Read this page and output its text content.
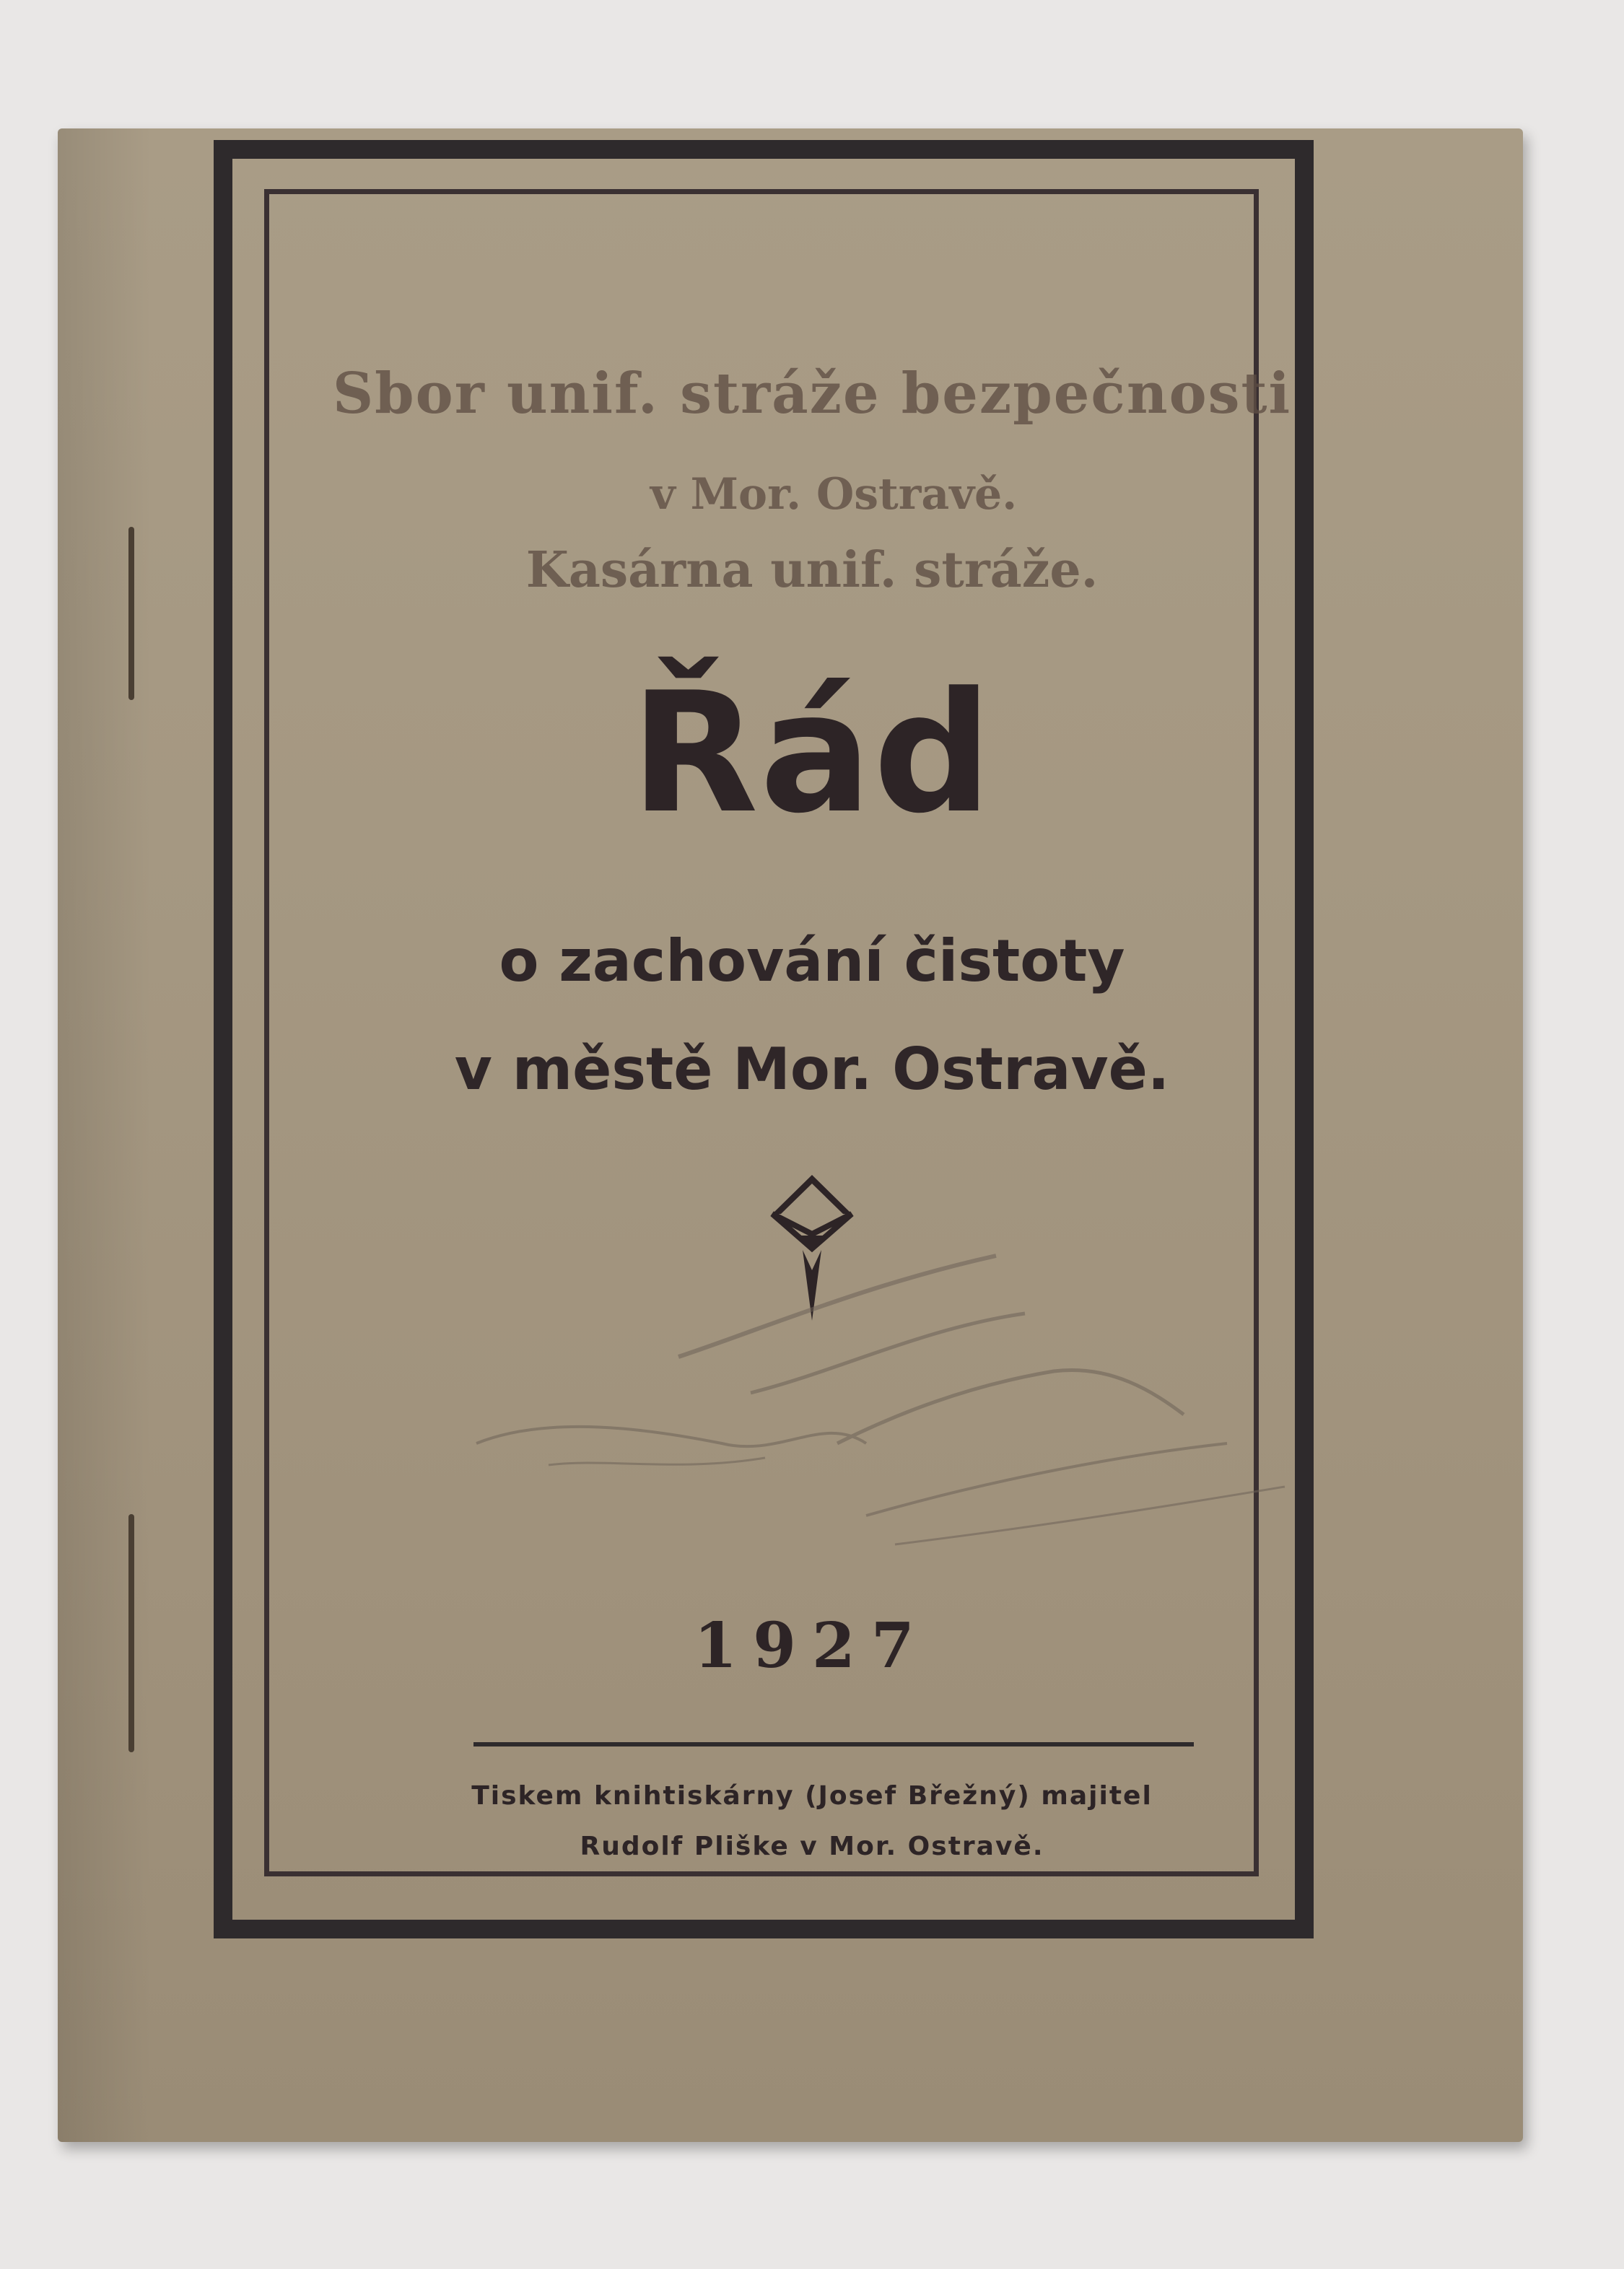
Sbor unif. stráže bezpečnosti
v Mor. Ostravě.
Kasárna unif. stráže.
Řád
o zachování čistoty
v městě Mor. Ostravě.
1927
Tiskem knihtiskárny (Josef Břežný) majitel
Rudolf Pliške v Mor. Ostravě.
